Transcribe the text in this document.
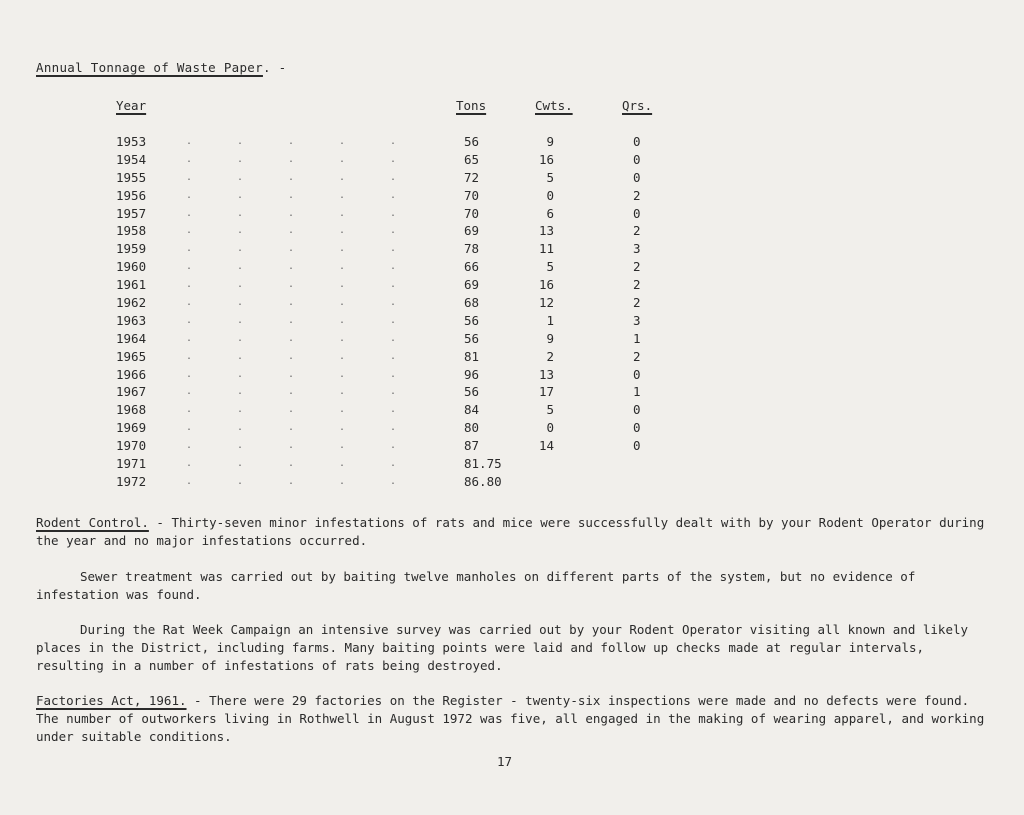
Annual Tonnage of Waste Paper. -
Year	Tons	Cwts.	Qrs.
1953	.	.	.	.	.	56	9	0
1954	.	.	.	.	.	65	16	0
1955	.	.	.	.	.	72	5	0
1956	.	.	.	.	.	70	0	2
1957	.	.	.	.	.	70	6	0
1958	.	.	.	.	.	69	13	2
1959	.	.	.	.	.	78	11	3
1960	.	.	.	.	.	66	5	2
1961	.	.	.	.	.	69	16	2
1962	.	.	.	.	.	68	12	2
1963	.	.	.	.	.	56	1	3
1964	.	.	.	.	.	56	9	1
1965	.	.	.	.	.	81	2	2
1966	.	.	.	.	.	96	13	0
1967	.	.	.	.	.	56	17	1
1968	.	.	.	.	.	84	5	0
1969	.	.	.	.	.	80	0	0
1970	.	.	.	.	.	87	14	0
1971	.	.	.	.	.	81.75
1972	.	.	.	.	.	86.80
Rodent Control. - Thirty-seven minor infestations of rats and mice were successfully dealt with by your Rodent Operator during the year and no major infestations occurred.
Sewer treatment was carried out by baiting twelve manholes on different parts of the system, but no evidence of infestation was found.
During the Rat Week Campaign an intensive survey was carried out by your Rodent Operator visiting all known and likely places in the District, including farms. Many baiting points were laid and follow up checks made at regular intervals, resulting in a number of infestations of rats being destroyed.
Factories Act, 1961. - There were 29 factories on the Register - twenty-six inspections were made and no defects were found. The number of outworkers living in Rothwell in August 1972 was five, all engaged in the making of wearing apparel, and working under suitable conditions.
17
